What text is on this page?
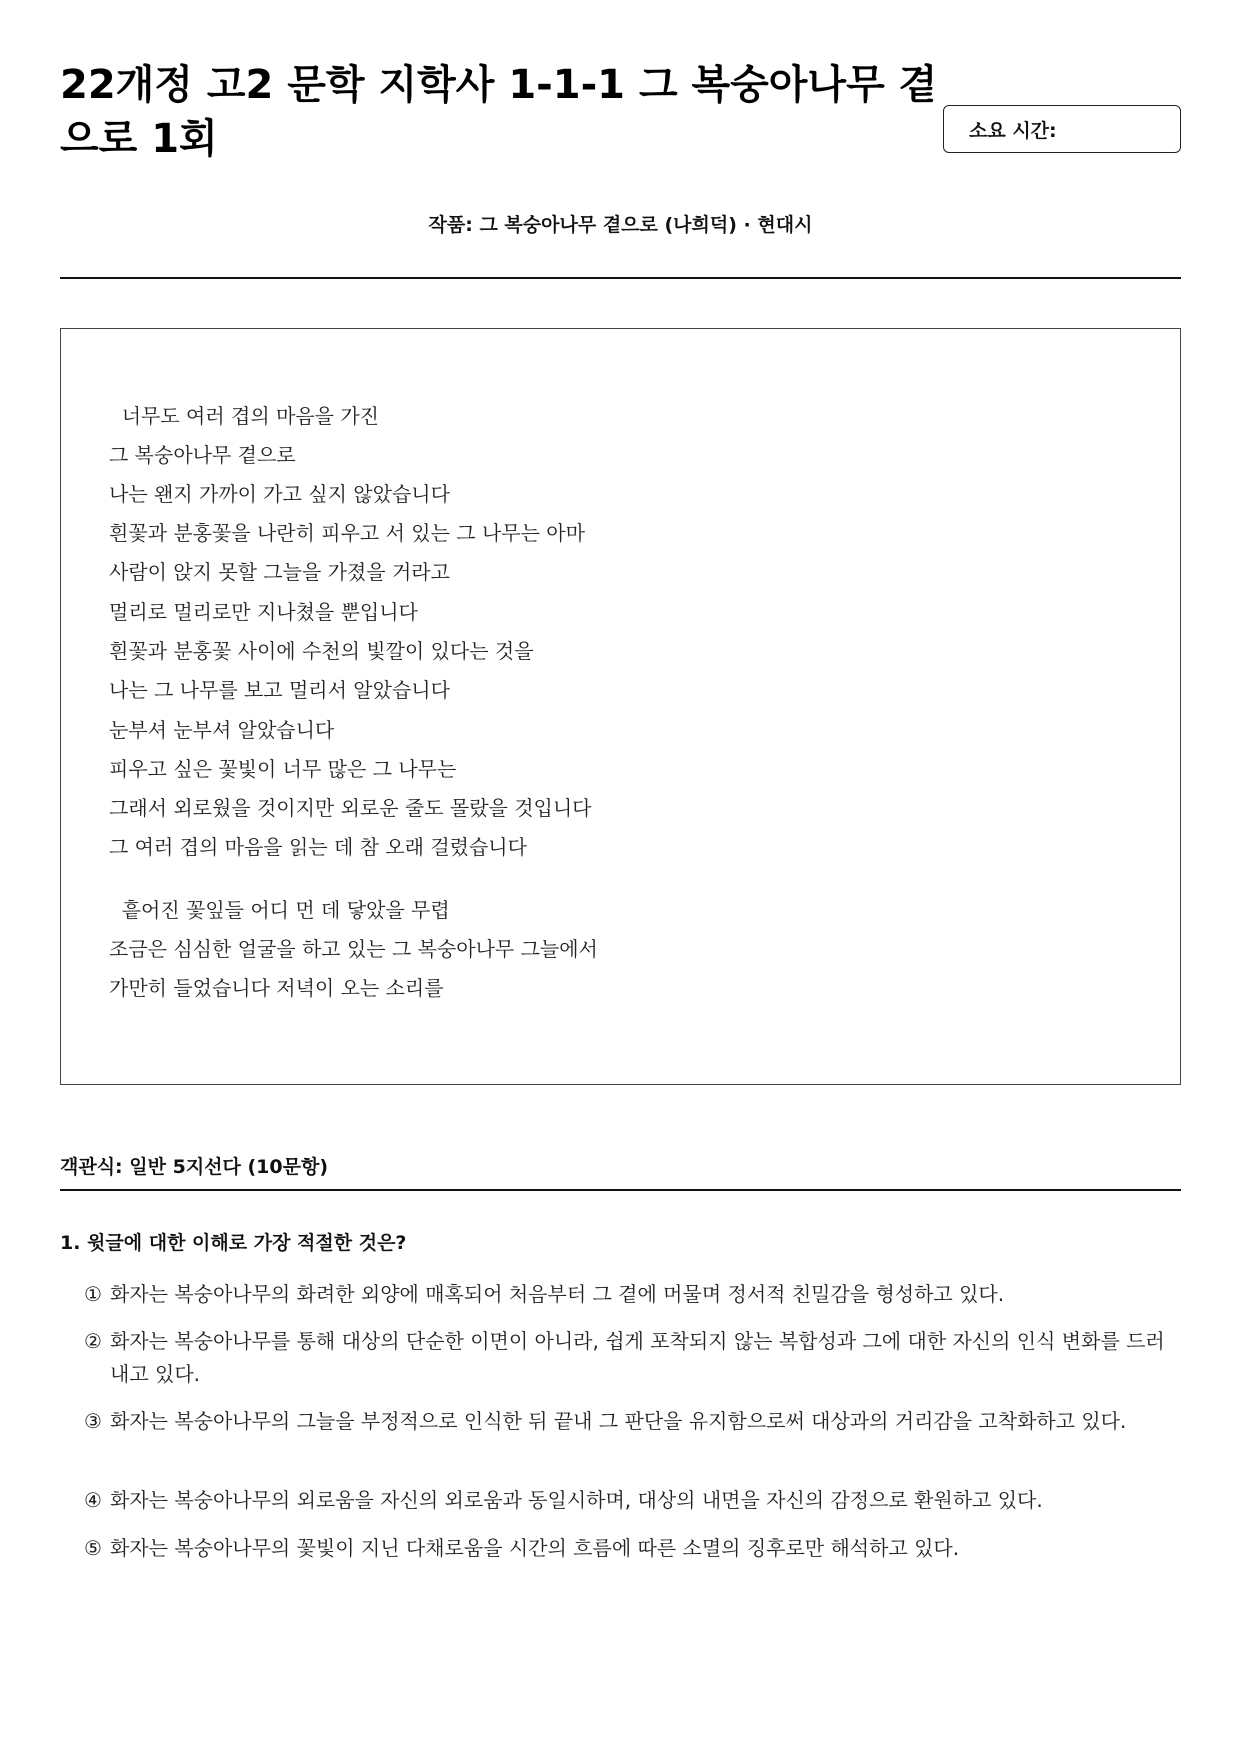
22개정 고2 문학 지학사 1-1-1 그 복숭아나무 곁으로 1회	소요 시간:
작품: 그 복숭아나무 곁으로 (나희덕) · 현대시
너무도 여러 겹의 마음을 가진
그 복숭아나무 곁으로
나는 왠지 가까이 가고 싶지 않았습니다
흰꽃과 분홍꽃을 나란히 피우고 서 있는 그 나무는 아마
사람이 앉지 못할 그늘을 가졌을 거라고
멀리로 멀리로만 지나쳤을 뿐입니다
흰꽃과 분홍꽃 사이에 수천의 빛깔이 있다는 것을
나는 그 나무를 보고 멀리서 알았습니다
눈부셔 눈부셔 알았습니다
피우고 싶은 꽃빛이 너무 많은 그 나무는
그래서 외로웠을 것이지만 외로운 줄도 몰랐을 것입니다
그 여러 겹의 마음을 읽는 데 참 오래 걸렸습니다
흩어진 꽃잎들 어디 먼 데 닿았을 무렵
조금은 심심한 얼굴을 하고 있는 그 복숭아나무 그늘에서
가만히 들었습니다 저녁이 오는 소리를
객관식: 일반 5지선다 (10문항)
1. 윗글에 대한 이해로 가장 적절한 것은?
① 화자는 복숭아나무의 화려한 외양에 매혹되어 처음부터 그 곁에 머물며 정서적 친밀감을 형성하고 있다.
② 화자는 복숭아나무를 통해 대상의 단순한 이면이 아니라, 쉽게 포착되지 않는 복합성과 그에 대한 자신의 인식 변화를 드러내고 있다.
③ 화자는 복숭아나무의 그늘을 부정적으로 인식한 뒤 끝내 그 판단을 유지함으로써 대상과의 거리감을 고착화하고 있다.
④ 화자는 복숭아나무의 외로움을 자신의 외로움과 동일시하며, 대상의 내면을 자신의 감정으로 환원하고 있다.
⑤ 화자는 복숭아나무의 꽃빛이 지닌 다채로움을 시간의 흐름에 따른 소멸의 징후로만 해석하고 있다.
